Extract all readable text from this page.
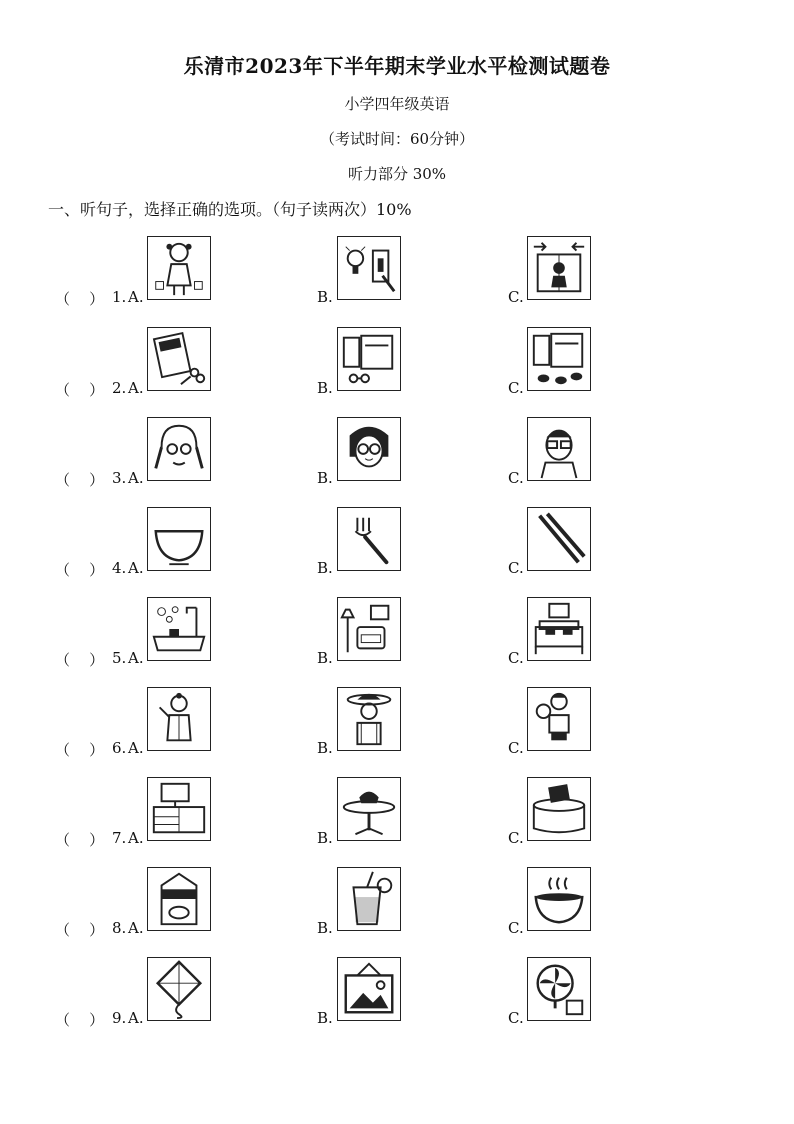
乐清市2023年下半年期末学业水平检测试题卷
小学四年级英语
（考试时间：60分钟）
听力部分 30%
一、听句子，选择正确的选项。（句子读两次）10%
（    ） 1. A.	B.	C.
（    ） 2. A.	B.	C.
（    ） 3. A.	B.	C.
（    ） 4. A.	B.	C.
（    ） 5. A.	B.	C.
（    ） 6. A.	B.	C.
（    ） 7. A.	B.	C.
（    ） 8. A.	B.	C.
（    ） 9. A.	B.	C.
